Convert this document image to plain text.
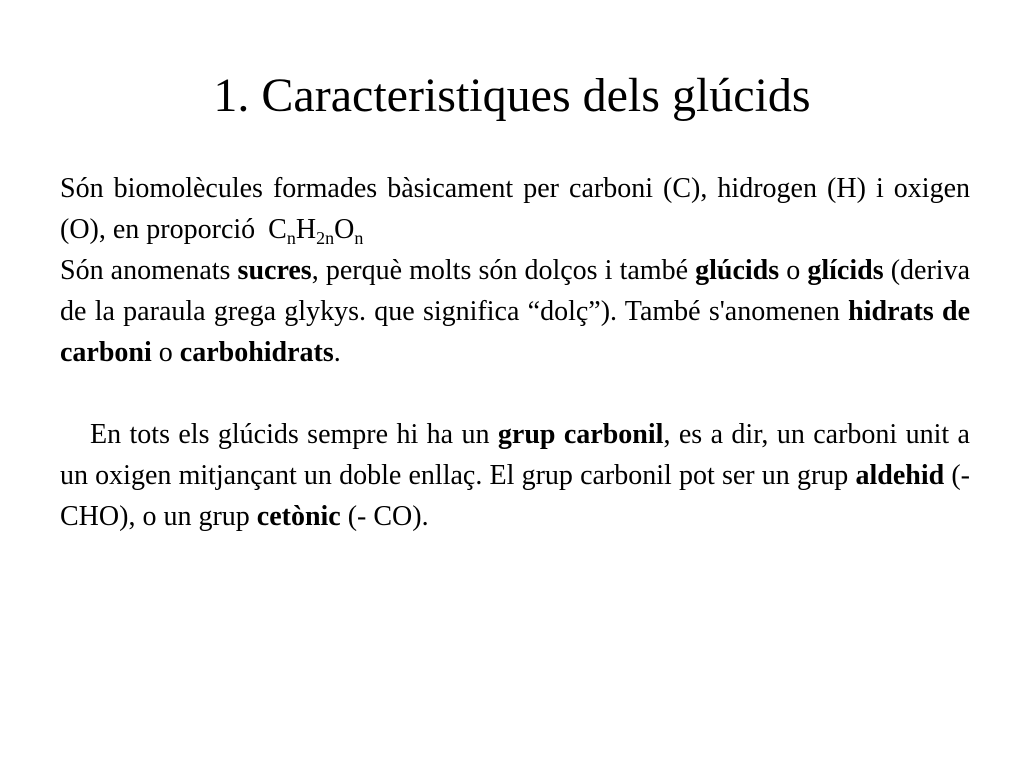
1. Caracteristiques dels glúcids

Són biomolècules formades bàsicament per carboni (C), hidrogen (H) i oxigen (O), en proporció $C_nH_{2n}O_n$

Són anomenats sucres, perquè molts són dolços i també glúcids o glícids (deriva de la paraula grega glykys. que significa “dolç”). També s'anomenen hidrats de carboni o carbohidrats.

En tots els glúcids sempre hi ha un grup carbonil, es a dir, un carboni unit a un oxigen mitjançant un doble enllaç. El grup carbonil pot ser un grup aldehid (- CHO), o un grup cetònic (- CO).
